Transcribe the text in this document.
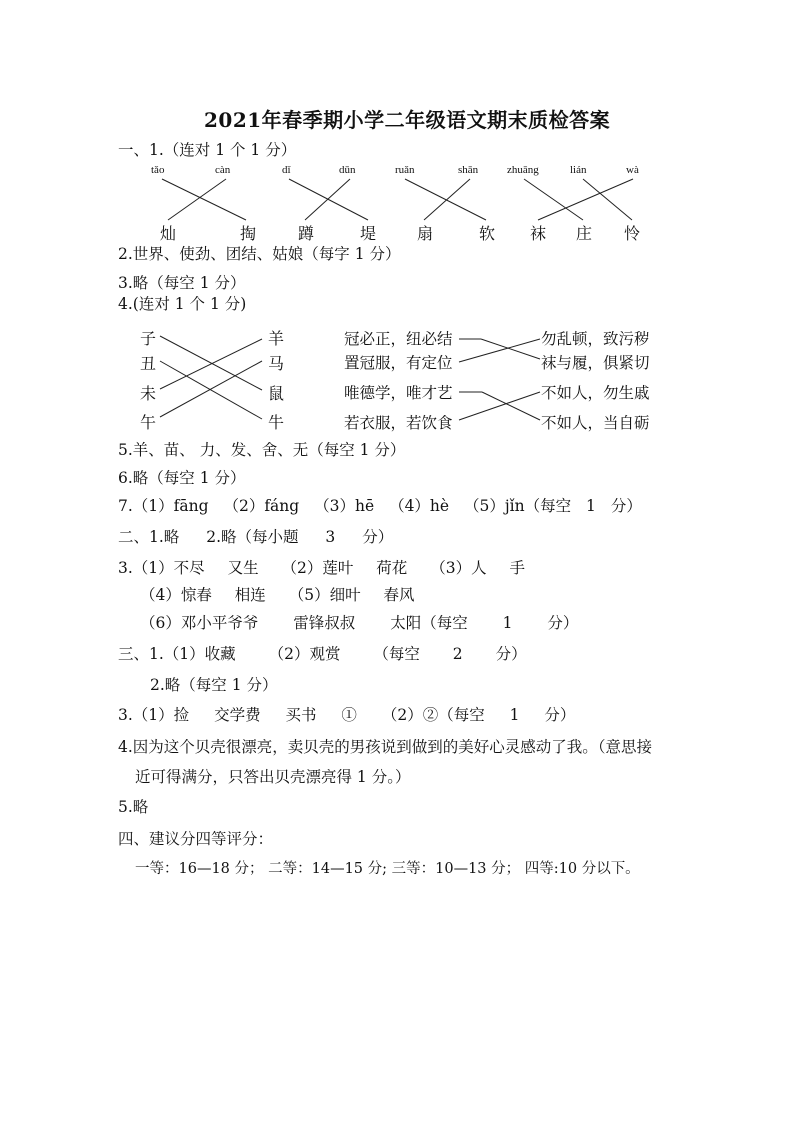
2021年春季期小学二年级语文期末质检答案
一、1.（连对 1 个 1 分）
tǎo	càn	dǐ	dūn	ruǎn	shān	zhuāng	lián	wà
灿	掏	蹲	堤	扇	软 袜 庄 怜
2.世界、使劲、团结、姑娘（每字 1 分）
3.略（每空 1 分）
4.(连对 1 个 1 分)
子
丑
未
午
羊
马
鼠
牛
冠必正，纽必结
置冠服，有定位
唯德学，唯才艺
若衣服，若饮食
勿乱顿，致污秽
袜与履，俱紧切
不如人，勿生戚
不如人，当自砺
5.羊、苗、 力、发、舍、无（每空 1 分）
6.略（每空 1 分）
7.（1）fāng （2）fáng （3）hē （4）hè （5）jǐn（每空 1 分）
二、1.略 2.略（每小题 3 分）
3.（1）不尽 又生 （2）莲叶 荷花 （3）人 手
（4）惊春 相连 （5）细叶 春风
（6）邓小平爷爷 雷锋叔叔 太阳（每空 1 分）
三、1.（1）收藏 （2）观赏 （每空 2 分）
2.略（每空 1 分）
3.（1）捡 交学费 买书 ① （2）②（每空 1 分）
4.因为这个贝壳很漂亮，卖贝壳的男孩说到做到的美好心灵感动了我。（意思接
近可得满分，只答出贝壳漂亮得 1 分。）
5.略
四、建议分四等评分：
一等：16—18 分； 二等：14—15 分; 三等：10—13 分； 四等:10 分以下。
